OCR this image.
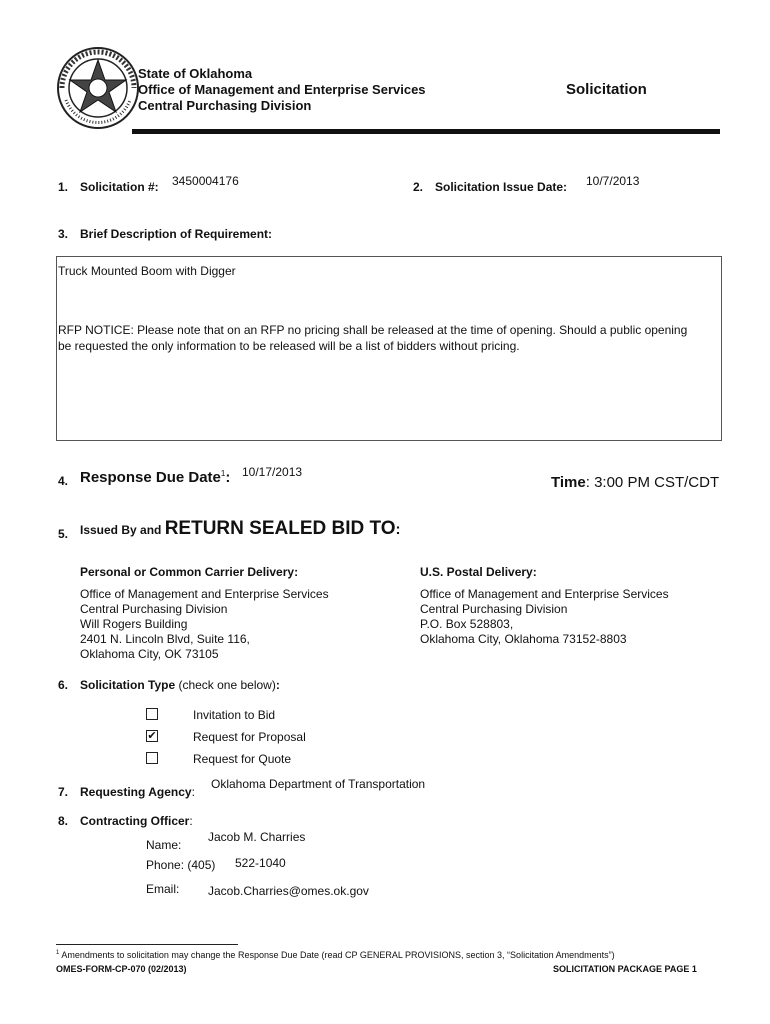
State of Oklahoma
Office of Management and Enterprise Services
Central Purchasing Division
Solicitation
1. Solicitation #: 3450004176	2. Solicitation Issue Date: 10/7/2013
3. Brief Description of Requirement:
Truck Mounted Boom with Digger
RFP NOTICE: Please note that on an RFP no pricing shall be released at the time of opening. Should a public opening
be requested the only information to be released will be a list of bidders without pricing.
4. Response Due Date$^1$: 10/17/2013
Time: 3:00 PM CST/CDT
5. Issued By and RETURN SEALED BID TO:
Personal or Common Carrier Delivery:
Office of Management and Enterprise Services
Central Purchasing Division
Will Rogers Building
2401 N. Lincoln Blvd, Suite 116,
Oklahoma City, OK 73105
U.S. Postal Delivery:
Office of Management and Enterprise Services
Central Purchasing Division
P.O. Box 528803,
Oklahoma City, Oklahoma 73152-8803
6. Solicitation Type (check one below):
Invitation to Bid
✔	Request for Proposal
Request for Quote
7. Requesting Agency:
Oklahoma Department of Transportation
8. Contracting Officer:
Name:
Jacob M. Charries
Phone: (405) 522-1040
Email: Jacob.Charries@omes.ok.gov
$^1$ Amendments to solicitation may change the Response Due Date (read CP GENERAL PROVISIONS, section 3, “Solicitation Amendments”)
OMES-FORM-CP-070 (02/2013)	SOLICITATION PACKAGE PAGE 1
